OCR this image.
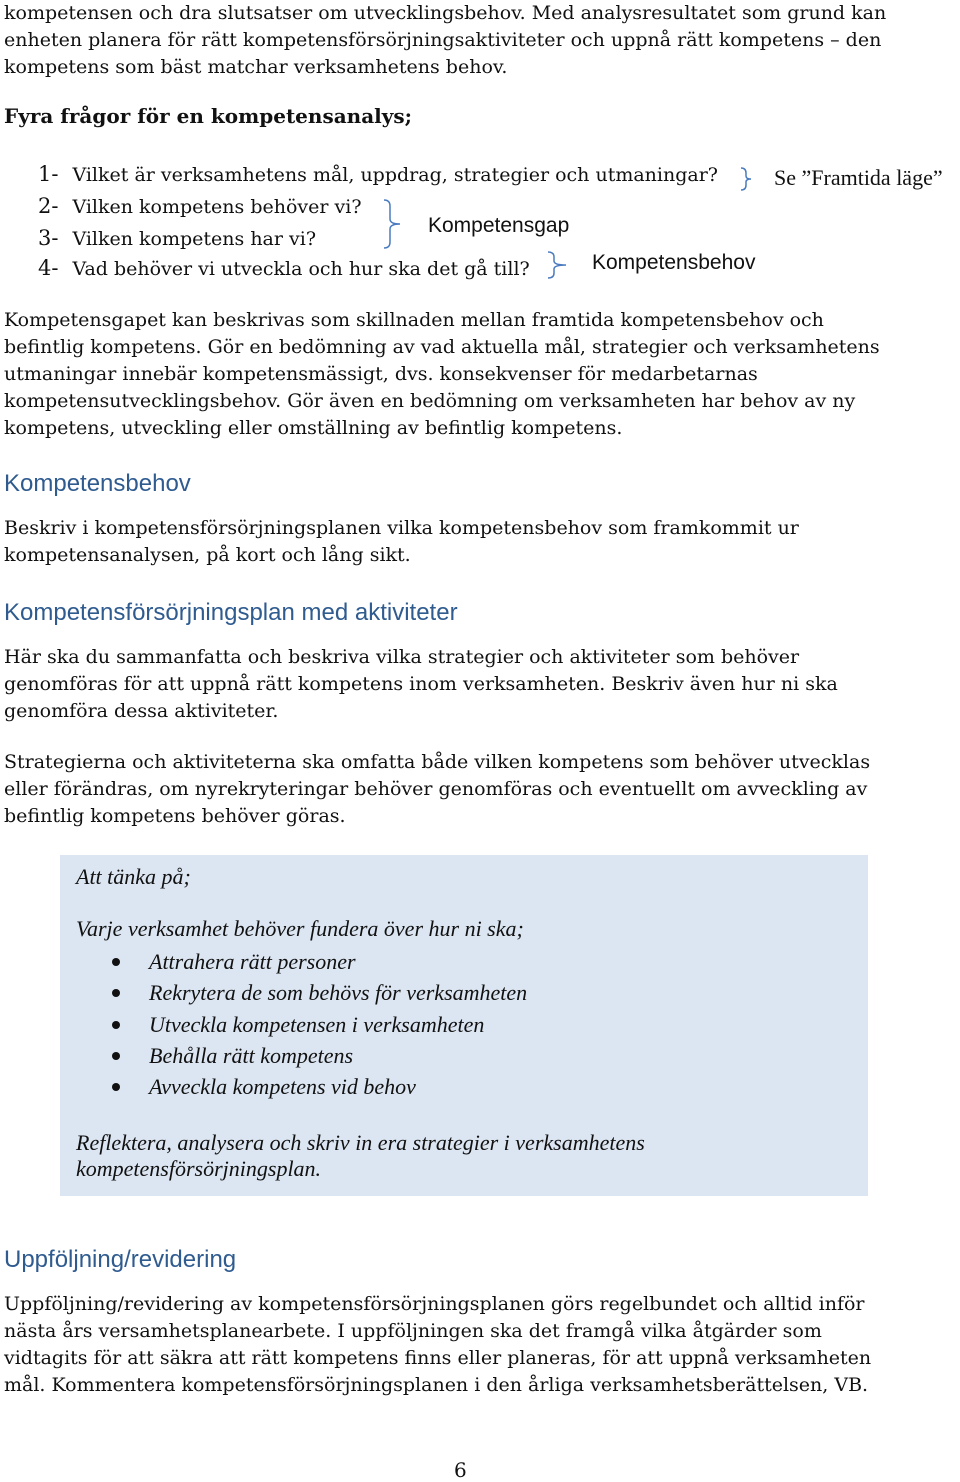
kompetensen och dra slutsatser om utvecklingsbehov. Med analysresultatet som grund kan
enheten planera för rätt kompetensförsörjningsaktiviteter och uppnå rätt kompetens – den
kompetens som bäst matchar verksamhetens behov.
Fyra frågor för en kompetensanalys;
1- Vilket är verksamhetens mål, uppdrag, strategier och utmaningar?
2- Vilken kompetens behöver vi?
3- Vilken kompetens har vi?
4- Vad behöver vi utveckla och hur ska det gå till?
Se ”Framtida läge”
Kompetensgap
Kompetensbehov
Kompetensgapet kan beskrivas som skillnaden mellan framtida kompetensbehov och
befintlig kompetens. Gör en bedömning av vad aktuella mål, strategier och verksamhetens
utmaningar innebär kompetensmässigt, dvs. konsekvenser för medarbetarnas
kompetensutvecklingsbehov. Gör även en bedömning om verksamheten har behov av ny
kompetens, utveckling eller omställning av befintlig kompetens.
Kompetensbehov
Beskriv i kompetensförsörjningsplanen vilka kompetensbehov som framkommit ur
kompetensanalysen, på kort och lång sikt.
Kompetensförsörjningsplan med aktiviteter
Här ska du sammanfatta och beskriva vilka strategier och aktiviteter som behöver
genomföras för att uppnå rätt kompetens inom verksamheten. Beskriv även hur ni ska
genomföra dessa aktiviteter.
Strategierna och aktiviteterna ska omfatta både vilken kompetens som behöver utvecklas
eller förändras, om nyrekryteringar behöver genomföras och eventuellt om avveckling av
befintlig kompetens behöver göras.

Att tänka på;

Varje verksamhet behöver fundera över hur ni ska;

Attrahera rätt personer
Rekrytera de som behövs för verksamheten
Utveckla kompetensen i verksamheten
Behålla rätt kompetens
Avveckla kompetens vid behov

Reflektera, analysera och skriv in era strategier i verksamhetens

kompetensförsörjningsplan.

Uppföljning/revidering
Uppföljning/revidering av kompetensförsörjningsplanen görs regelbundet och alltid inför
nästa års versamhetsplanearbete. I uppföljningen ska det framgå vilka åtgärder som
vidtagits för att säkra att rätt kompetens finns eller planeras, för att uppnå verksamheten
mål. Kommentera kompetensförsörjningsplanen i den årliga verksamhetsberättelsen, VB.
6
